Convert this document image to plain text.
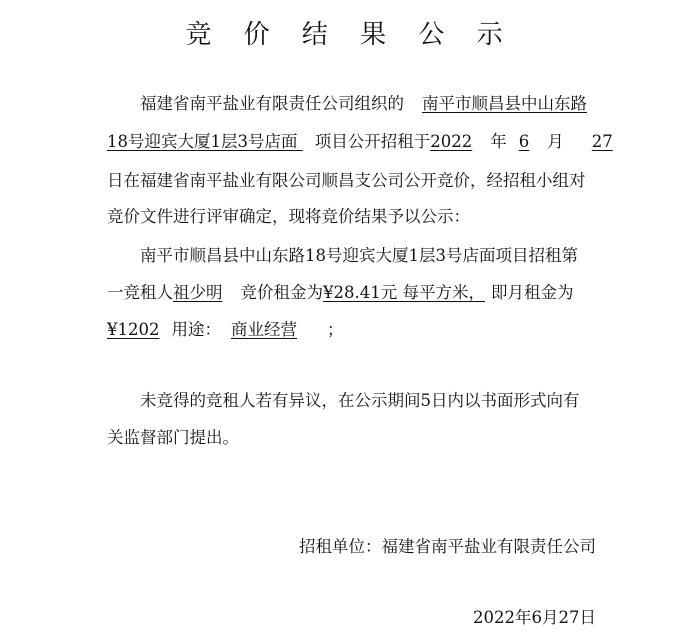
竞 价 结 果 公 示
福建省南平盐业有限责任公司组织的 南平市顺昌县中山东路
18号迎宾大厦1层3号店面 项目公开招租于2022 年 6 月 27
日在福建省南平盐业有限公司顺昌支公司公开竞价，经招租小组对
竞价文件进行评审确定，现将竞价结果予以公示：
南平市顺昌县中山东路18号迎宾大厦1层3号店面项目招租第
一竞租人祖少明 竞价租金为¥28.41元 每平方米， 即月租金为
¥1202 用途： 商业经营 ；
未竞得的竞租人若有异议，在公示期间5日内以书面形式向有
关监督部门提出。
招租单位：福建省南平盐业有限责任公司
2022年6月27日
